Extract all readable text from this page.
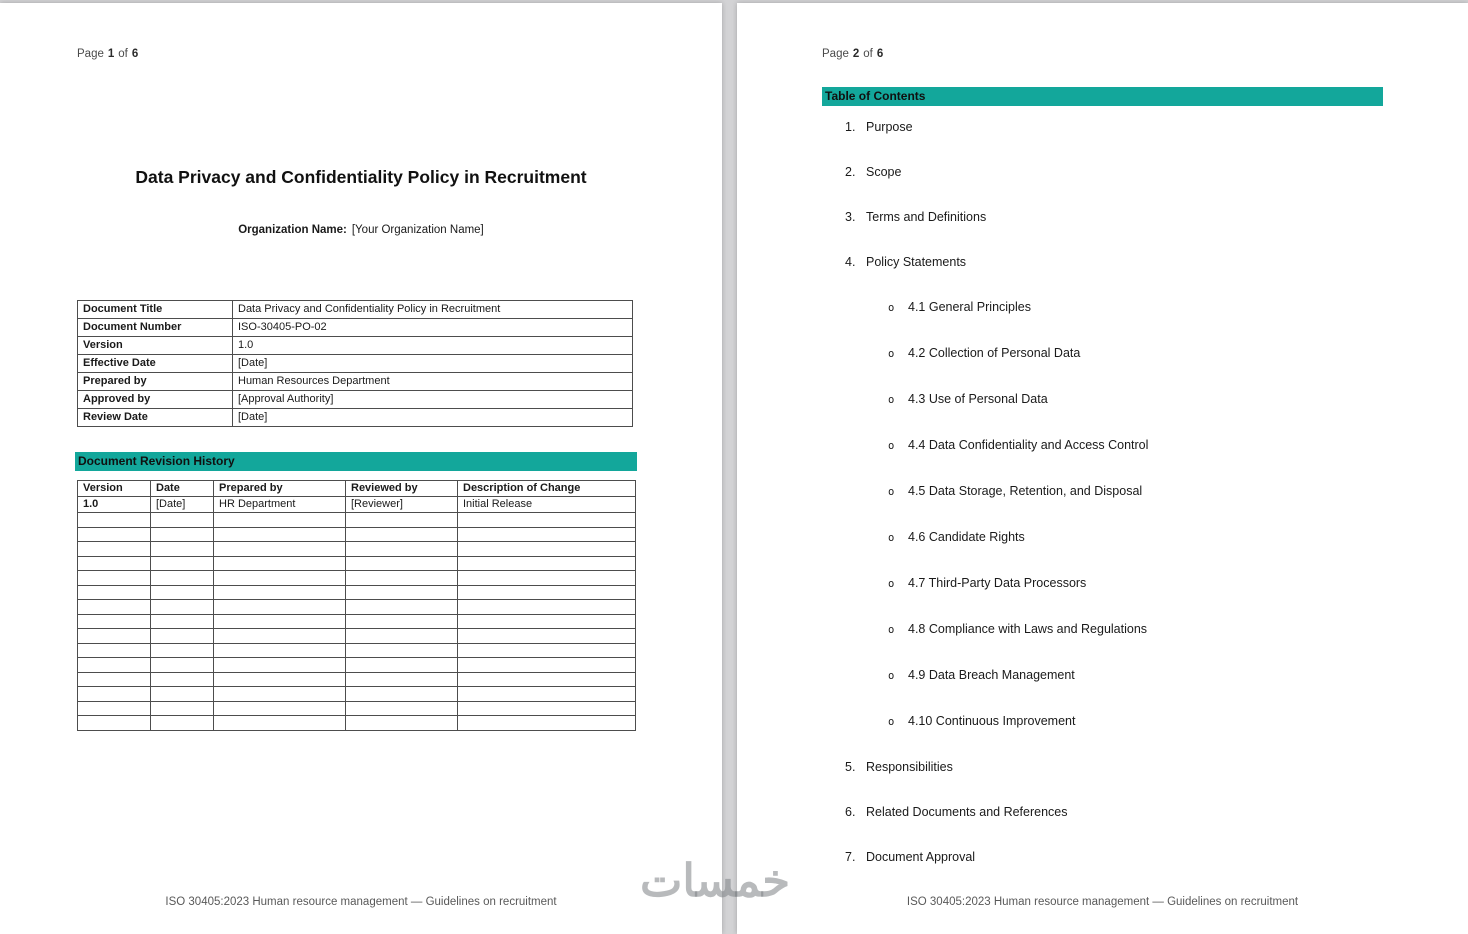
Page 1 of 6
Data Privacy and Confidentiality Policy in Recruitment
Organization Name: [Your Organization Name]
Document Title	Data Privacy and Confidentiality Policy in Recruitment
Document Number	ISO-30405-PO-02
Version	1.0
Effective Date	[Date]
Prepared by	Human Resources Department
Approved by	[Approval Authority]
Review Date	[Date]
Document Revision History
Version	Date	Prepared by	Reviewed by	Description of Change
1.0	[Date]	HR Department	[Reviewer]	Initial Release

ISO 30405:2023 Human resource management — Guidelines on recruitment
Page 2 of 6
Table of Contents
1. Purpose
2. Scope
3. Terms and Definitions
4. Policy Statements
o	4.1 General Principles
o	4.2 Collection of Personal Data
o	4.3 Use of Personal Data
o	4.4 Data Confidentiality and Access Control
o	4.5 Data Storage, Retention, and Disposal
o	4.6 Candidate Rights
o	4.7 Third-Party Data Processors
o	4.8 Compliance with Laws and Regulations
o	4.9 Data Breach Management
o	4.10 Continuous Improvement
5. Responsibilities
6. Related Documents and References
7. Document Approval
ISO 30405:2023 Human resource management — Guidelines on recruitment
خمسات
